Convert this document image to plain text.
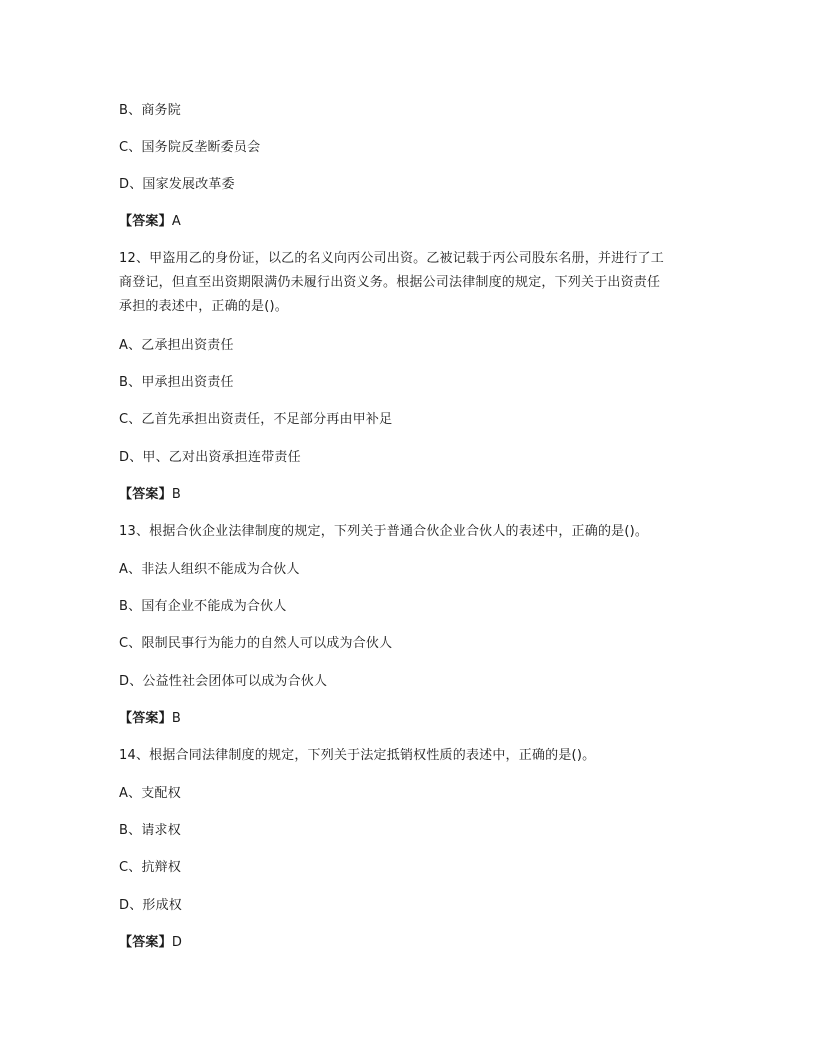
B、商务院
C、国务院反垄断委员会
D、国家发展改革委
【答案】A
12、甲盗用乙的身份证，以乙的名义向丙公司出资。乙被记载于丙公司股东名册，并进行了工
商登记，但直至出资期限满仍未履行出资义务。根据公司法律制度的规定，下列关于出资责任
承担的表述中，正确的是()。
A、乙承担出资责任
B、甲承担出资责任
C、乙首先承担出资责任，不足部分再由甲补足
D、甲、乙对出资承担连带责任
【答案】B
13、根据合伙企业法律制度的规定，下列关于普通合伙企业合伙人的表述中，正确的是()。
A、非法人组织不能成为合伙人
B、国有企业不能成为合伙人
C、限制民事行为能力的自然人可以成为合伙人
D、公益性社会团体可以成为合伙人
【答案】B
14、根据合同法律制度的规定，下列关于法定抵销权性质的表述中，正确的是()。
A、支配权
B、请求权
C、抗辩权
D、形成权
【答案】D
